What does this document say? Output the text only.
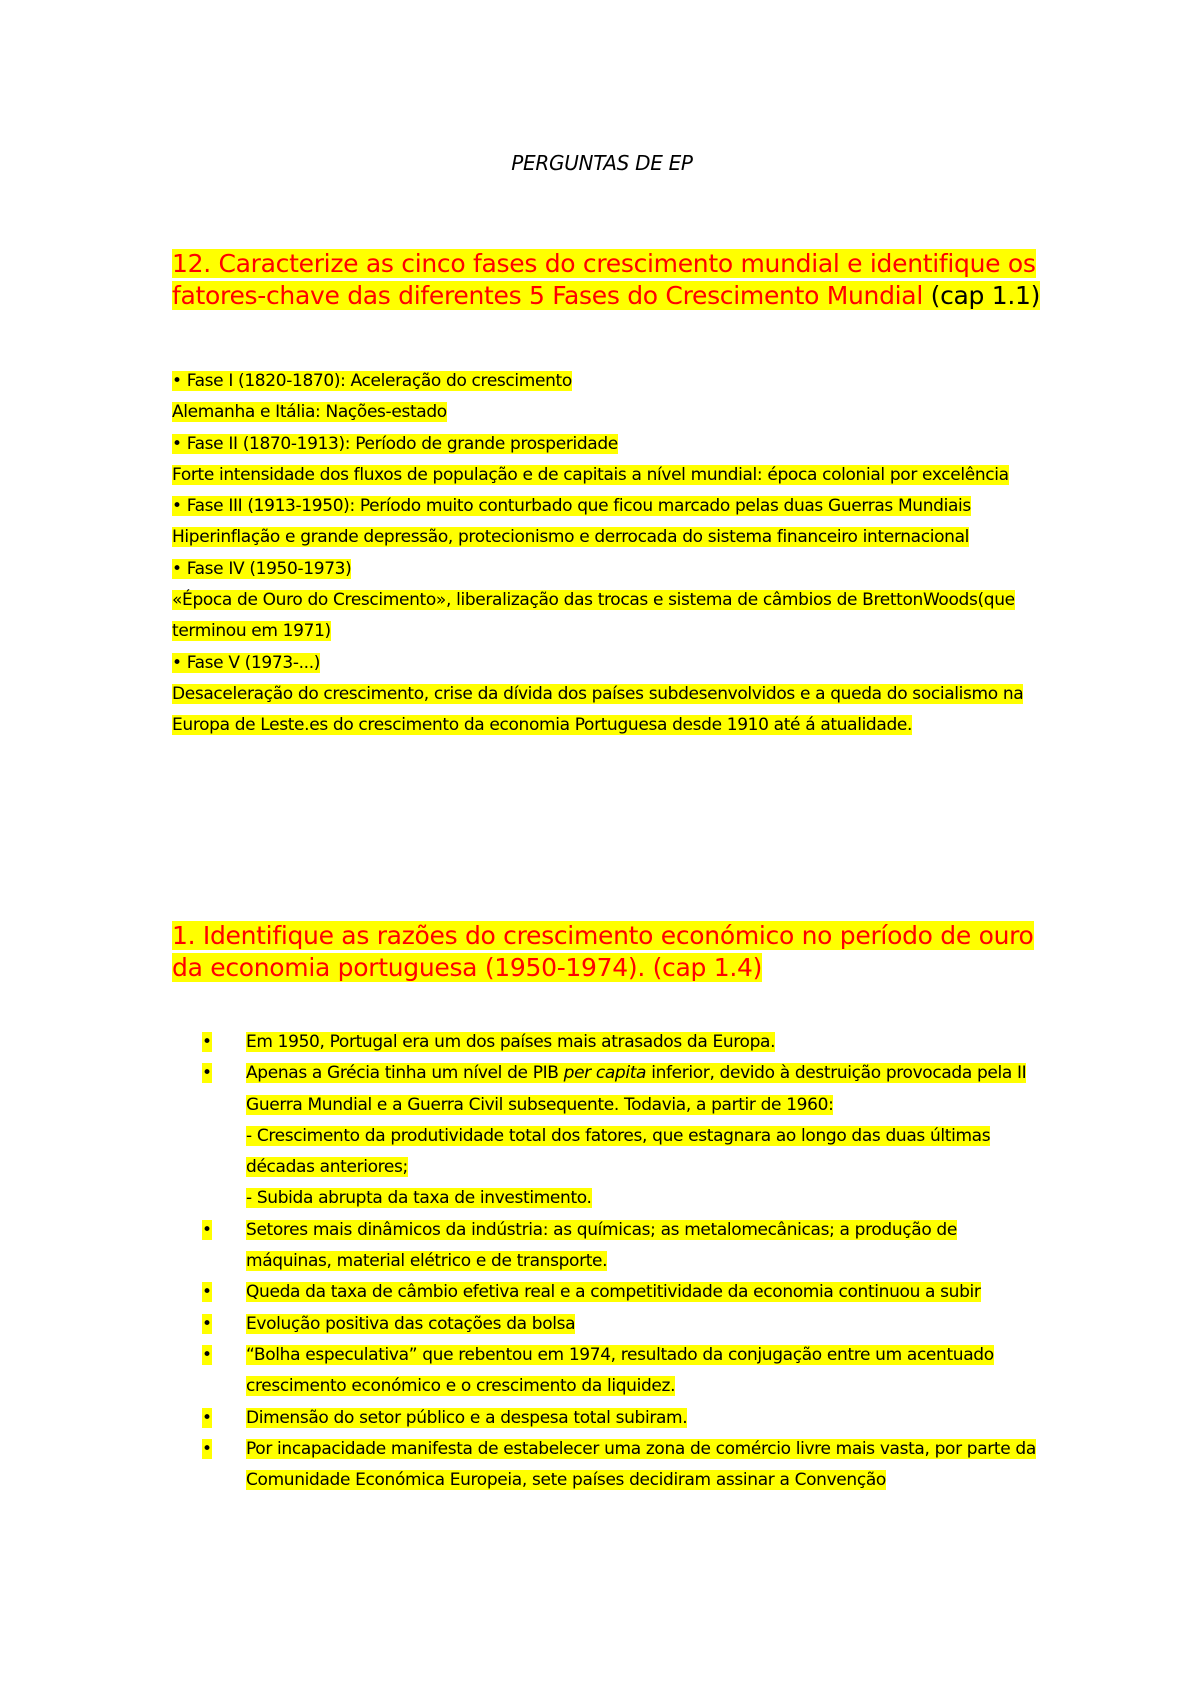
PERGUNTAS DE EP
12. Caracterize as cinco fases do crescimento mundial e identifique os fatores-chave das diferentes 5 Fases do Crescimento Mundial (cap 1.1)

• Fase I (1820-1870): Aceleração do crescimento

Alemanha e Itália: Nações-estado

• Fase II (1870-1913): Período de grande prosperidade

Forte intensidade dos fluxos de população e de capitais a nível mundial: época colonial por excelência

• Fase III (1913-1950): Período muito conturbado que ficou marcado pelas duas Guerras Mundiais

Hiperinflação e grande depressão, protecionismo e derrocada do sistema financeiro internacional

• Fase IV (1950-1973)

«Época de Ouro do Crescimento», liberalização das trocas e sistema de câmbios de BrettonWoods(que terminou em 1971)

• Fase V (1973-...)

Desaceleração do crescimento, crise da dívida dos países subdesenvolvidos e a queda do socialismo na Europa de Leste.es do crescimento da economia Portuguesa desde 1910 até á atualidade.

1. Identifique as razões do crescimento económico no período de ouro da economia portuguesa (1950-1974). (cap 1.4)
•	Em 1950, Portugal era um dos países mais atrasados da Europa.
•	Apenas a Grécia tinha um nível de PIB per capita inferior, devido à destruição provocada pela II Guerra Mundial e a Guerra Civil subsequente. Todavia, a partir de 1960:
- Crescimento da produtividade total dos fatores, que estagnara ao longo das duas últimas décadas anteriores;
- Subida abrupta da taxa de investimento.
•	Setores mais dinâmicos da indústria: as químicas; as metalomecânicas; a produção de máquinas, material elétrico e de transporte.
•	Queda da taxa de câmbio efetiva real e a competitividade da economia continuou a subir
•	Evolução positiva das cotações da bolsa
•	“Bolha especulativa” que rebentou em 1974, resultado da conjugação entre um acentuado crescimento económico e o crescimento da liquidez.
•	Dimensão do setor público e a despesa total subiram.
•	Por incapacidade manifesta de estabelecer uma zona de comércio livre mais vasta, por parte da Comunidade Económica Europeia, sete países decidiram assinar a Convenção
